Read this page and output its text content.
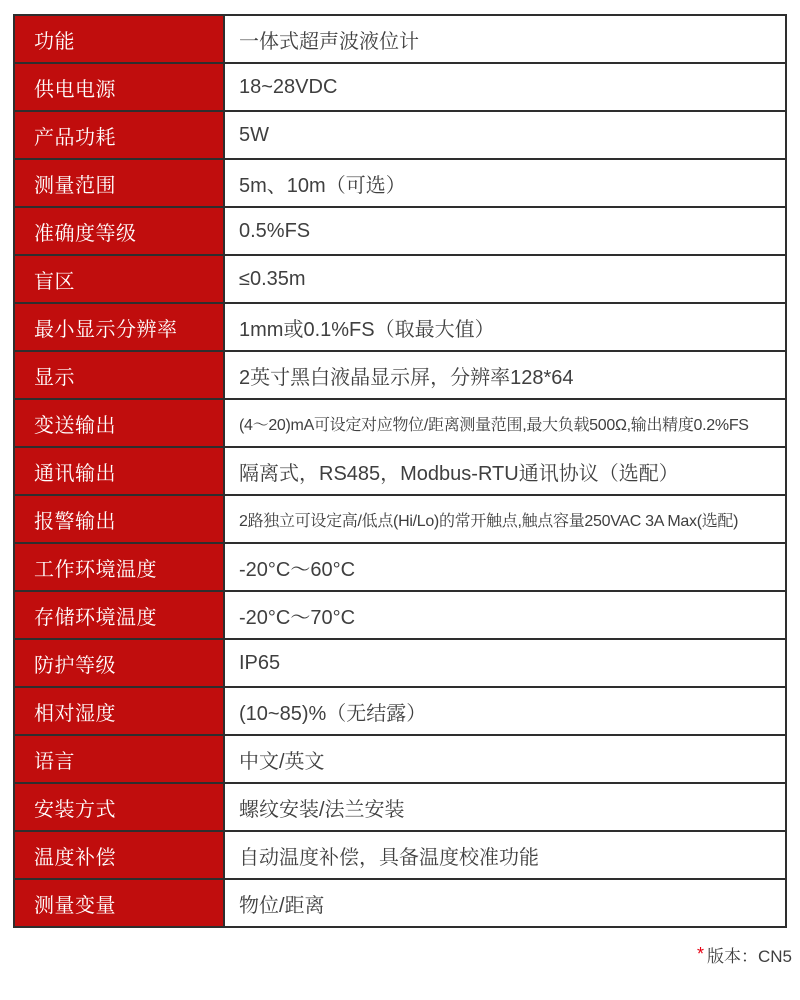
功能	一体式超声波液位计
供电电源	18~28VDC
产品功耗	5W
测量范围	5m、10m（可选）
准确度等级	0.5%FS
盲区	≤0.35m
最小显示分辨率	1mm或0.1%FS（取最大值）
显示	2英寸黑白液晶显示屏，分辨率128*64
变送输出	(4～20)mA可设定对应物位/距离测量范围,最大负载500Ω,输出精度0.2%FS
通讯输出	隔离式，RS485，Modbus-RTU通讯协议（选配）
报警输出	2路独立可设定高/低点(Hi/Lo)的常开触点,触点容量250VAC 3A Max(选配)
工作环境温度	-20°C～60°C
存储环境温度	-20°C～70°C
防护等级	IP65
相对湿度	(10~85)%（无结露）
语言	中文/英文
安装方式	螺纹安装/法兰安装
温度补偿	自动温度补偿，具备温度校准功能
测量变量	物位/距离
* 版本：CN5
